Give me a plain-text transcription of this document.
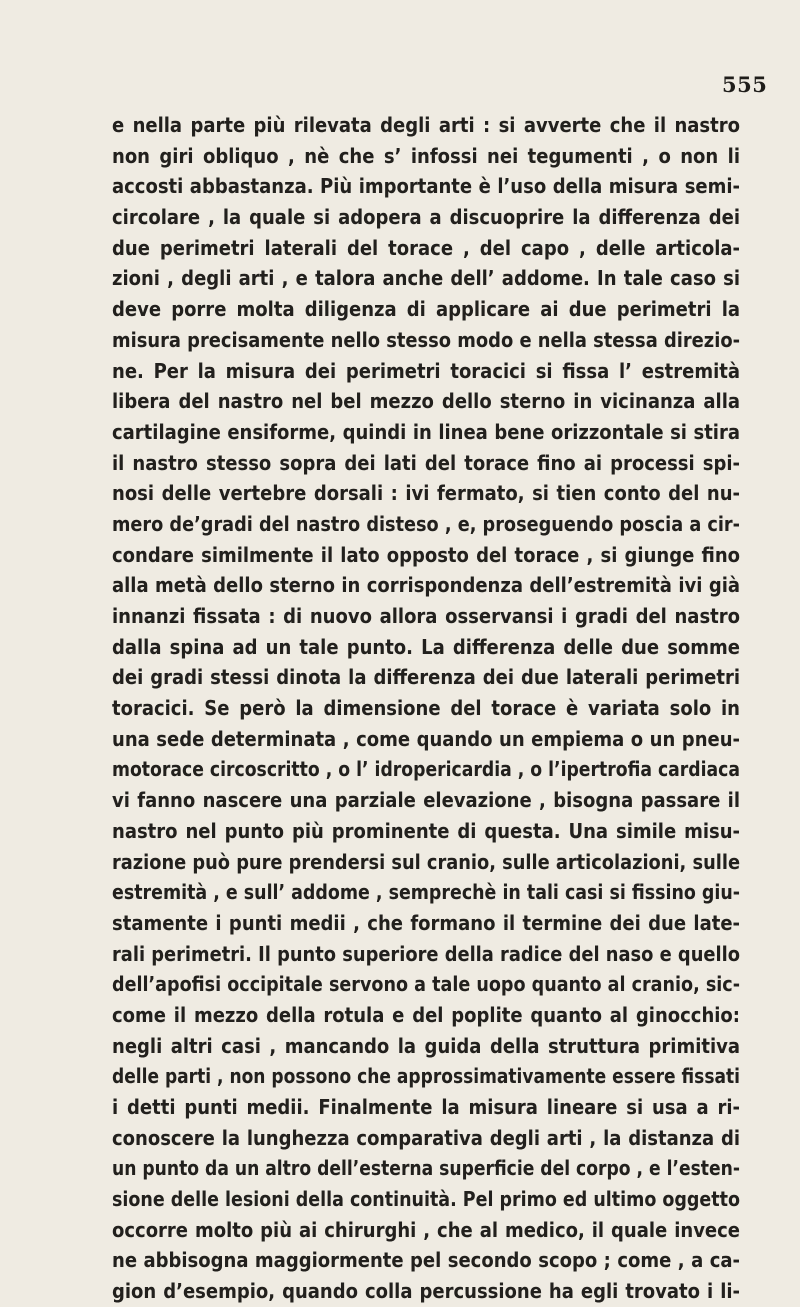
555
e nella parte più rilevata degli arti : si avverte che il nastro
non giri obliquo , nè che s’ infossi nei tegumenti , o non li
accosti abbastanza. Più importante è l’uso della misura semi-
circolare , la quale si adopera a discuoprire la differenza dei
due perimetri laterali del torace , del capo , delle articola-
zioni , degli arti , e talora anche dell’ addome. In tale caso si
deve porre molta diligenza di applicare ai due perimetri la
misura precisamente nello stesso modo e nella stessa direzio-
ne. Per la misura dei perimetri toracici si fissa l’ estremità
libera del nastro nel bel mezzo dello sterno in vicinanza alla
cartilagine ensiforme, quindi in linea bene orizzontale si stira
il nastro stesso sopra dei lati del torace fino ai processi spi-
nosi delle vertebre dorsali : ivi fermato, si tien conto del nu-
mero de’gradi del nastro disteso , e, proseguendo poscia a cir-
condare similmente il lato opposto del torace , si giunge fino
alla metà dello sterno in corrispondenza dell’estremità ivi già
innanzi fissata : di nuovo allora osservansi i gradi del nastro
dalla spina ad un tale punto. La differenza delle due somme
dei gradi stessi dinota la differenza dei due laterali perimetri
toracici. Se però la dimensione del torace è variata solo in
una sede determinata , come quando un empiema o un pneu-
motorace circoscritto , o l’ idropericardia , o l’ipertrofia cardiaca
vi fanno nascere una parziale elevazione , bisogna passare il
nastro nel punto più prominente di questa. Una simile misu-
razione può pure prendersi sul cranio, sulle articolazioni, sulle
estremità , e sull’ addome , semprechè in tali casi si fissino giu-
stamente i punti medii , che formano il termine dei due late-
rali perimetri. Il punto superiore della radice del naso e quello
dell’apofisi occipitale servono a tale uopo quanto al cranio, sic-
come il mezzo della rotula e del poplite quanto al ginocchio:
negli altri casi , mancando la guida della struttura primitiva
delle parti , non possono che approssimativamente essere fissati
i detti punti medii. Finalmente la misura lineare si usa a ri-
conoscere la lunghezza comparativa degli arti , la distanza di
un punto da un altro dell’esterna superficie del corpo , e l’esten-
sione delle lesioni della continuità. Pel primo ed ultimo oggetto
occorre molto più ai chirurghi , che al medico, il quale invece
ne abbisogna maggiormente pel secondo scopo ; come , a ca-
gion d’esempio, quando colla percussione ha egli trovato i li-
